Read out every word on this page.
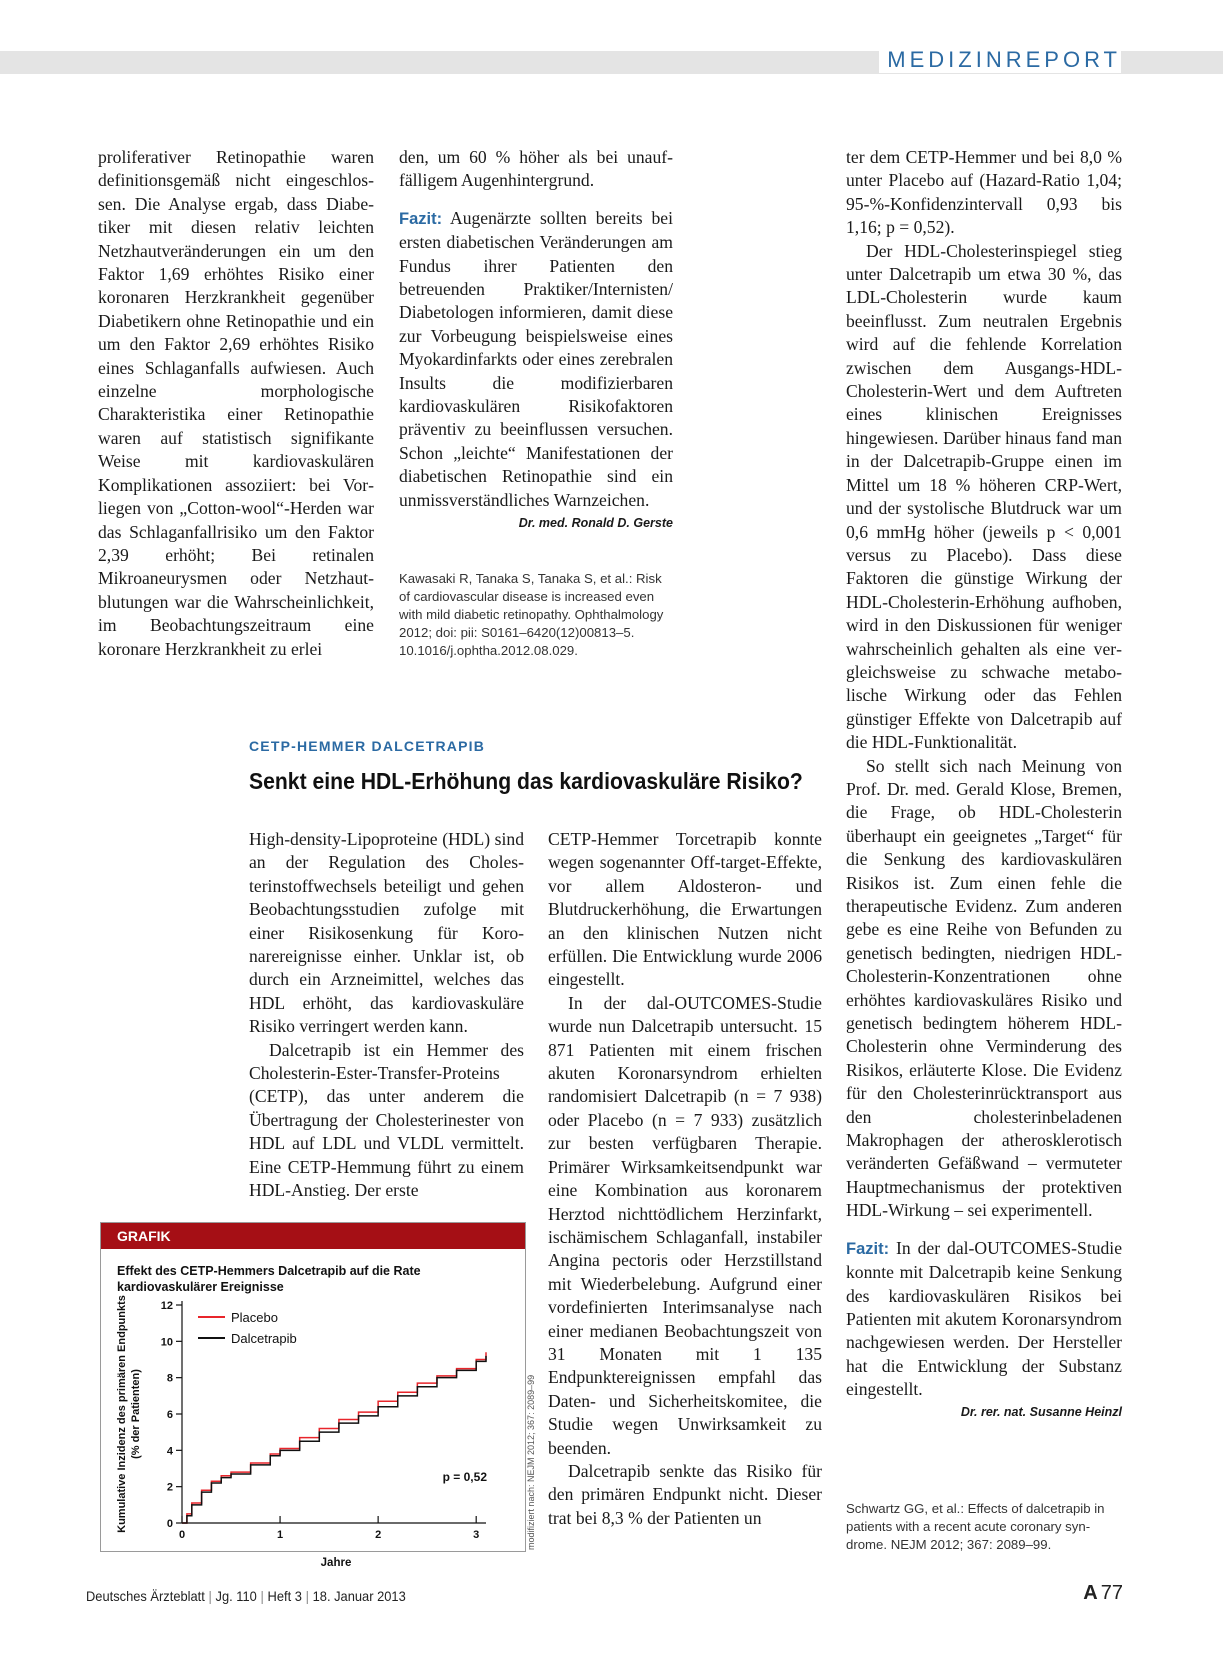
MEDIZINREPORT

proliferativer Retinopathie waren definitionsgemäß nicht eingeschlossen. Die Analyse ergab, dass Diabetiker mit diesen relativ leichten Netzhautveränderungen ein um den Faktor 1,69 erhöhtes Risiko einer koronaren Herzkrankheit gegenüber Diabetikern ohne Retinopathie und ein um den Faktor 2,69 erhöhtes Risiko eines Schlaganfalls aufwiesen. Auch einzelne morphologische Charakteristika einer Retinopathie waren auf statistisch signifikante Weise mit kardiovaskulären Komplikationen assoziiert: bei Vorliegen von „Cotton-wool“-Herden war das Schlaganfallrisiko um den Faktor 2,39 erhöht; Bei retinalen Mikroaneurysmen oder Netzhautblutungen war die Wahrscheinlichkeit, im Beobachtungszeitraum eine koronare Herzkrankheit zu erlei

den, um 60 % höher als bei unauffälligem Augenhintergrund.

Fazit: Augenärzte sollten bereits bei ersten diabetischen Veränderungen am Fundus ihrer Patienten den betreuenden Praktiker/Internisten/ Diabetologen informieren, damit diese zur Vorbeugung beispielsweise eines Myokardinfarkts oder eines zerebralen Insults die modifizierbaren kardiovaskulären Risikofaktoren präventiv zu beeinflussen versuchen. Schon „leichte“ Manifestationen der diabetischen Retinopathie sind ein unmissverständliches Warnzeichen.
Dr. med. Ronald D. Gerste

Kawasaki R, Tanaka S, Tanaka S, et al.: Risk of cardiovascular disease is increased even with mild diabetic retinopathy. Ophthalmology 2012; doi: pii: S0161–6420(12)00813–5. 10.1016/j.ophtha.2012.08.029.
CETP-HEMMER DALCETRAPIB
Senkt eine HDL-Erhöhung das kardiovaskuläre Risiko?

High-density-Lipoproteine (HDL) sind an der Regulation des Cholesterinstoffwechsels beteiligt und gehen Beobachtungsstudien zufolge mit einer Risikosenkung für Koronarereignisse einher. Unklar ist, ob durch ein Arzneimittel, welches das HDL erhöht, das kardiovaskuläre Risiko verringert werden kann.

Dalcetrapib ist ein Hemmer des Cholesterin-Ester-Transfer-Proteins (CETP), das unter anderem die Übertragung der Cholesterinester von HDL auf LDL und VLDL vermittelt. Eine CETP-Hemmung führt zu einem HDL-Anstieg. Der erste

CETP-Hemmer Torcetrapib konnte wegen sogenannter Off-target-Effekte, vor allem Aldosteron- und Blutdruckerhöhung, die Erwartungen an den klinischen Nutzen nicht erfüllen. Die Entwicklung wurde 2006 eingestellt.

In der dal-OUTCOMES-Studie wurde nun Dalcetrapib untersucht. 15 871 Patienten mit einem frischen akuten Koronarsyndrom erhielten randomisiert Dalcetrapib (n = 7 938) oder Placebo (n = 7 933) zusätzlich zur besten verfügbaren Therapie. Primärer Wirksamkeitsendpunkt war eine Kombination aus koronarem Herztod nichttödlichem Herzinfarkt, ischämischem Schlaganfall, instabiler Angina pectoris oder Herzstillstand mit Wiederbelebung. Aufgrund einer vordefinierten Interimsanalyse nach einer medianen Beobachtungszeit von 31 Monaten mit 1 135 Endpunktereignissen empfahl das Daten- und Sicherheitskomitee, die Studie wegen Unwirksamkeit zu beenden.

Dalcetrapib senkte das Risiko für den primären Endpunkt nicht. Dieser trat bei 8,3 % der Patienten un

ter dem CETP-Hemmer und bei 8,0 % unter Placebo auf (Hazard-Ratio 1,04; 95-%-Konfidenzintervall 0,93 bis 1,16; p = 0,52).

Der HDL-Cholesterinspiegel stieg unter Dalcetrapib um etwa 30 %, das LDL-Cholesterin wurde kaum beeinflusst. Zum neutralen Ergebnis wird auf die fehlende Korrelation zwischen dem Ausgangs-HDL-Cholesterin-Wert und dem Auftreten eines klinischen Ereignisses hingewiesen. Darüber hinaus fand man in der Dalcetrapib-Gruppe einen im Mittel um 18 % höheren CRP-Wert, und der systolische Blutdruck war um 0,6 mmHg höher (jeweils p < 0,001 versus zu Placebo). Dass diese Faktoren die günstige Wirkung der HDL-Cholesterin-Erhöhung aufhoben, wird in den Diskussionen für weniger wahrscheinlich gehalten als eine vergleichsweise zu schwache metabolische Wirkung oder das Fehlen günstiger Effekte von Dalcetrapib auf die HDL-Funktionalität.

So stellt sich nach Meinung von Prof. Dr. med. Gerald Klose, Bremen, die Frage, ob HDL-Cholesterin überhaupt ein geeignetes „Target“ für die Senkung des kardiovaskulären Risikos ist. Zum einen fehle die therapeutische Evidenz. Zum anderen gebe es eine Reihe von Befunden zu genetisch bedingten, niedrigen HDL-Cholesterin-Konzentrationen ohne erhöhtes kardiovaskuläres Risiko und genetisch bedingtem höherem HDL-Cholesterin ohne Verminderung des Risikos, erläuterte Klose. Die Evidenz für den Cholesterinrücktransport aus den cholesterinbeladenen Makrophagen der atherosklerotisch veränderten Gefäßwand – vermuteter Hauptmechanismus der protektiven HDL-Wirkung – sei experimentell.

Fazit: In der dal-OUTCOMES-Studie konnte mit Dalcetrapib keine Senkung des kardiovaskulären Risikos bei Patienten mit akutem Koronarsyndrom nachgewiesen werden. Der Hersteller hat die Entwicklung der Substanz eingestellt.

Dr. rer. nat. Susanne Heinzl
Schwartz GG, et al.: Effects of dalcetrapib in patients with a recent acute coronary syndrome. NEJM 2012; 367: 2089–99.
GRAFIK
Effekt des CETP-Hemmers Dalcetrapib auf die Rate kardiovaskulärer Ereignisse
0
2
4
6
8
10
12
0	1	2	3
Jahre
Kumulative Inzidenz des primären Endpunkts (% der Patienten)
Placebo
Dalcetrapib
p = 0,52	modifiziert nach: NEJM 2012; 367: 2089–99
Deutsches Ärzteblatt | Jg. 110 | Heft 3 | 18. Januar 2013	A 77
